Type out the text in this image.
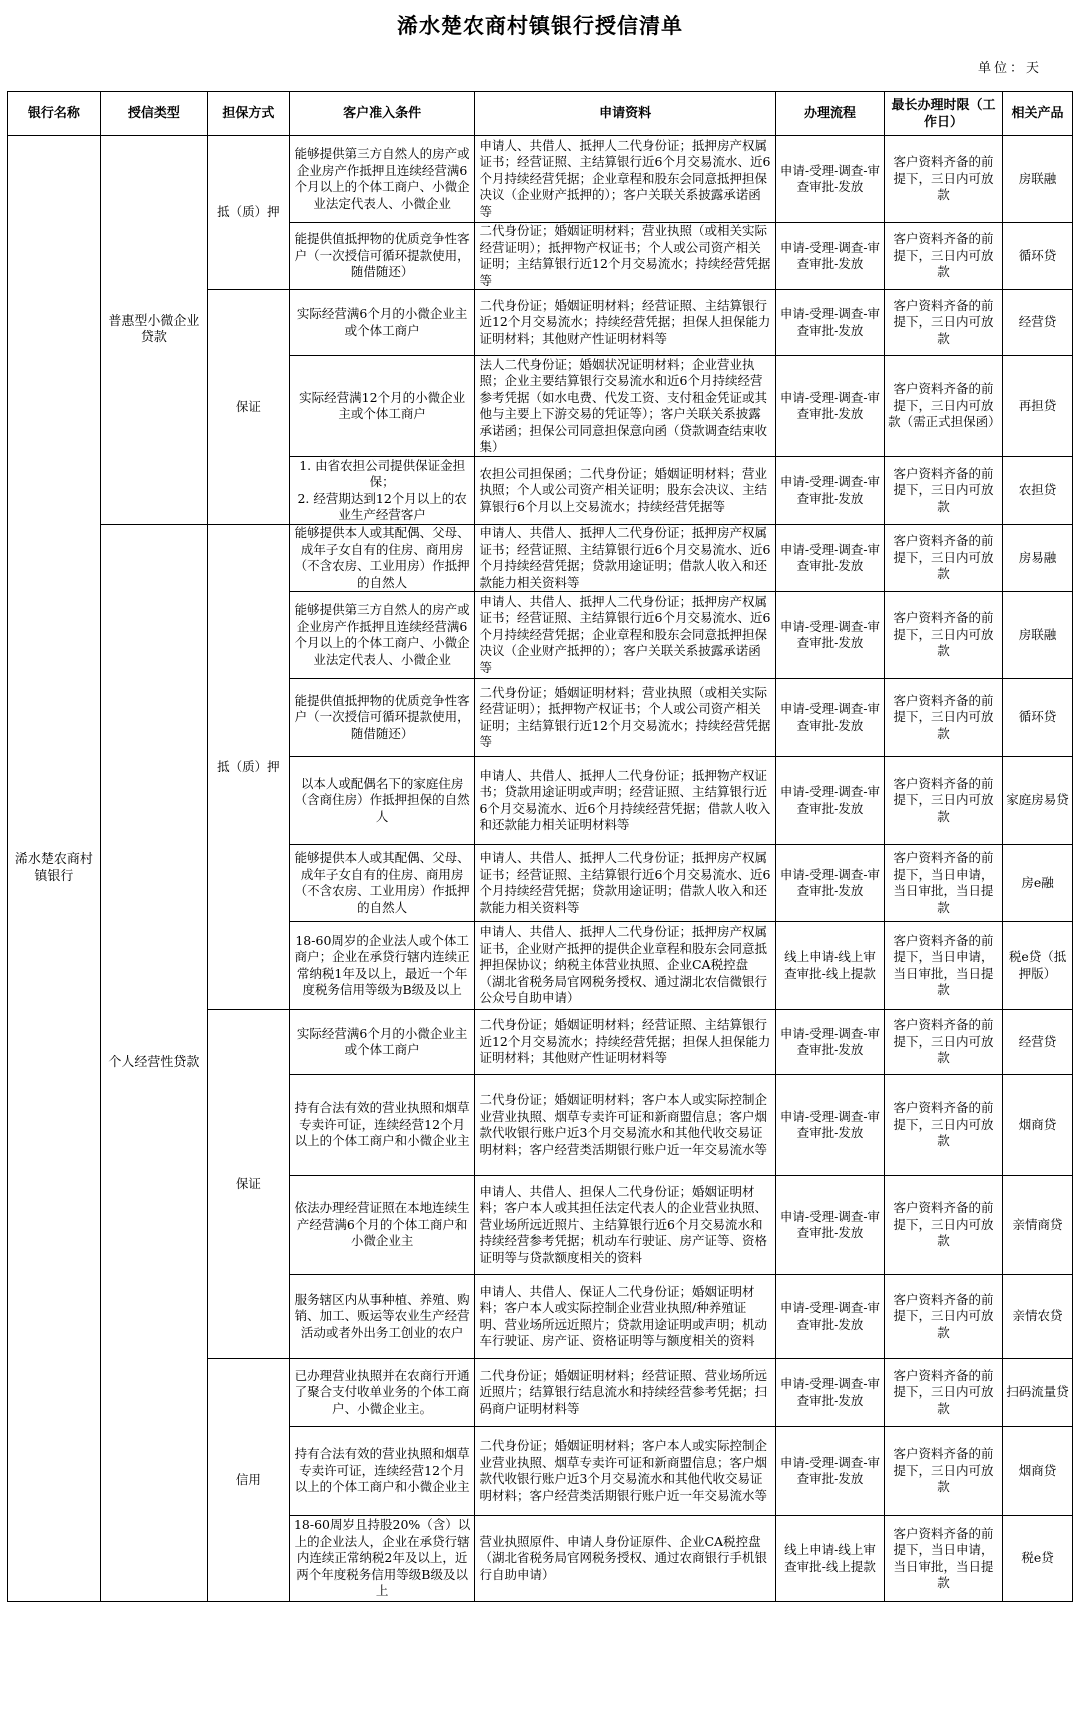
浠水楚农商村镇银行授信清单
单位：天
银行名称	授信类型	担保方式	客户准入条件	申请资料	办理流程	最长办理时限（工作日）	相关产品
浠水楚农商村镇银行	普惠型小微企业贷款	抵（质）押	能够提供第三方自然人的房产或企业房产作抵押且连续经营满6个月以上的个体工商户、小微企业法定代表人、小微企业	申请人、共借人、抵押人二代身份证；抵押房产权属证书；经营证照、主结算银行近6个月交易流水、近6个月持续经营凭据；企业章程和股东会同意抵押担保决议（企业财产抵押的）；客户关联关系披露承诺函等	申请-受理-调查-审查审批-发放	客户资料齐备的前提下，三日内可放款	房联融
			能提供值抵押物的优质竞争性客户（一次授信可循环提款使用，随借随还）	二代身份证；婚姻证明材料；营业执照（或相关实际经营证明）；抵押物产权证书；个人或公司资产相关证明；主结算银行近12个月交易流水；持续经营凭据等	申请-受理-调查-审查审批-发放	客户资料齐备的前提下，三日内可放款	循环贷
		保证	实际经营满6个月的小微企业主或个体工商户	二代身份证；婚姻证明材料；经营证照、主结算银行近12个月交易流水；持续经营凭据；担保人担保能力证明材料；其他财产性证明材料等	申请-受理-调查-审查审批-发放	客户资料齐备的前提下，三日内可放款	经营贷
			实际经营满12个月的小微企业主或个体工商户	法人二代身份证；婚姻状况证明材料；企业营业执照；企业主要结算银行交易流水和近6个月持续经营参考凭据（如水电费、代发工资、支付租金凭证或其他与主要上下游交易的凭证等）；客户关联关系披露承诺函；担保公司同意担保意向函（贷款调查结束收集）	申请-受理-调查-审查审批-发放	客户资料齐备的前提下，三日内可放款（需正式担保函）	再担贷
			1. 由省农担公司提供保证金担保；
2. 经营期达到12个月以上的农业生产经营客户	农担公司担保函；二代身份证；婚姻证明材料；营业执照；个人或公司资产相关证明；股东会决议、主结算银行6个月以上交易流水；持续经营凭据等	申请-受理-调查-审查审批-发放	客户资料齐备的前提下，三日内可放款	农担贷
	个人经营性贷款	抵（质）押	能够提供本人或其配偶、父母、成年子女自有的住房、商用房（不含农房、工业用房）作抵押的自然人	申请人、共借人、抵押人二代身份证；抵押房产权属证书；经营证照、主结算银行近6个月交易流水、近6个月持续经营凭据；贷款用途证明；借款人收入和还款能力相关资料等	申请-受理-调查-审查审批-发放	客户资料齐备的前提下，三日内可放款	房易融
			能够提供第三方自然人的房产或企业房产作抵押且连续经营满6个月以上的个体工商户、小微企业法定代表人、小微企业	申请人、共借人、抵押人二代身份证；抵押房产权属证书；经营证照、主结算银行近6个月交易流水、近6个月持续经营凭据；企业章程和股东会同意抵押担保决议（企业财产抵押的）；客户关联关系披露承诺函等	申请-受理-调查-审查审批-发放	客户资料齐备的前提下，三日内可放款	房联融
			能提供值抵押物的优质竞争性客户（一次授信可循环提款使用，随借随还）	二代身份证；婚姻证明材料；营业执照（或相关实际经营证明）；抵押物产权证书；个人或公司资产相关证明；主结算银行近12个月交易流水；持续经营凭据等	申请-受理-调查-审查审批-发放	客户资料齐备的前提下，三日内可放款	循环贷
			以本人或配偶名下的家庭住房（含商住房）作抵押担保的自然人	申请人、共借人、抵押人二代身份证；抵押物产权证书；贷款用途证明或声明；经营证照、主结算银行近6个月交易流水、近6个月持续经营凭据；借款人收入和还款能力相关证明材料等	申请-受理-调查-审查审批-发放	客户资料齐备的前提下，三日内可放款	家庭房易贷
			能够提供本人或其配偶、父母、成年子女自有的住房、商用房（不含农房、工业用房）作抵押的自然人	申请人、共借人、抵押人二代身份证；抵押房产权属证书；经营证照、主结算银行近6个月交易流水、近6个月持续经营凭据；贷款用途证明；借款人收入和还款能力相关资料等	申请-受理-调查-审查审批-发放	客户资料齐备的前提下，当日申请，当日审批，当日提款	房e融
			18-60周岁的企业法人或个体工商户；企业在承贷行辖内连续正常纳税1年及以上，最近一个年度税务信用等级为B级及以上	申请人、共借人、抵押人二代身份证；抵押房产权属证书，企业财产抵押的提供企业章程和股东会同意抵押担保协议；纳税主体营业执照、企业CA税控盘（湖北省税务局官网税务授权、通过湖北农信微银行公众号自助申请）	线上申请-线上审查审批-线上提款	客户资料齐备的前提下，当日申请，当日审批，当日提款	税e贷（抵押版）
		保证	实际经营满6个月的小微企业主或个体工商户	二代身份证；婚姻证明材料；经营证照、主结算银行近12个月交易流水；持续经营凭据；担保人担保能力证明材料；其他财产性证明材料等	申请-受理-调查-审查审批-发放	客户资料齐备的前提下，三日内可放款	经营贷
			持有合法有效的营业执照和烟草专卖许可证，连续经营12个月以上的个体工商户和小微企业主	二代身份证；婚姻证明材料；客户本人或实际控制企业营业执照、烟草专卖许可证和新商盟信息；客户烟款代收银行账户近3个月交易流水和其他代收交易证明材料；客户经营类活期银行账户近一年交易流水等	申请-受理-调查-审查审批-发放	客户资料齐备的前提下，三日内可放款	烟商贷
			依法办理经营证照在本地连续生产经营满6个月的个体工商户和小微企业主	申请人、共借人、担保人二代身份证；婚姻证明材料；客户本人或其担任法定代表人的企业营业执照、营业场所远近照片、主结算银行近6个月交易流水和持续经营参考凭据；机动车行驶证、房产证等、资格证明等与贷款额度相关的资料	申请-受理-调查-审查审批-发放	客户资料齐备的前提下，三日内可放款	亲情商贷
			服务辖区内从事种植、养殖、购销、加工、贩运等农业生产经营活动或者外出务工创业的农户	申请人、共借人、保证人二代身份证；婚姻证明材料；客户本人或实际控制企业营业执照/种养殖证明、营业场所远近照片；贷款用途证明或声明；机动车行驶证、房产证、资格证明等与额度相关的资料	申请-受理-调查-审查审批-发放	客户资料齐备的前提下，三日内可放款	亲情农贷
		信用	已办理营业执照并在农商行开通了聚合支付收单业务的个体工商户、小微企业主。	二代身份证；婚姻证明材料；经营证照、营业场所远近照片；结算银行结息流水和持续经营参考凭据；扫码商户证明材料等	申请-受理-调查-审查审批-发放	客户资料齐备的前提下，三日内可放款	扫码流量贷
			持有合法有效的营业执照和烟草专卖许可证，连续经营12个月以上的个体工商户和小微企业主	二代身份证；婚姻证明材料；客户本人或实际控制企业营业执照、烟草专卖许可证和新商盟信息；客户烟款代收银行账户近3个月交易流水和其他代收交易证明材料；客户经营类活期银行账户近一年交易流水等	申请-受理-调查-审查审批-发放	客户资料齐备的前提下，三日内可放款	烟商贷
			18-60周岁且持股20%（含）以上的企业法人，企业在承贷行辖内连续正常纳税2年及以上，近两个年度税务信用等级B级及以上	营业执照原件、申请人身份证原件、企业CA税控盘（湖北省税务局官网税务授权、通过农商银行手机银行自助申请）	线上申请-线上审查审批-线上提款	客户资料齐备的前提下，当日申请，当日审批，当日提款	税e贷
